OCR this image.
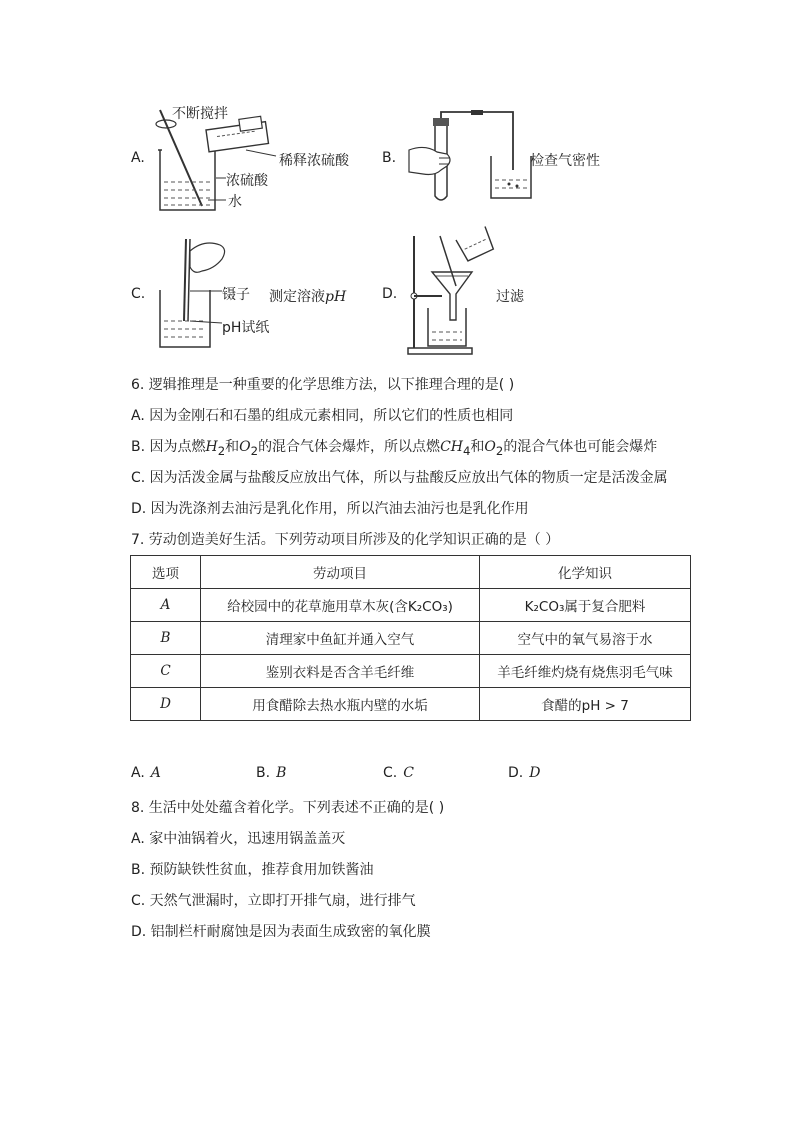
A.
不断搅拌
稀释浓硫酸
浓硫酸
水
B.	检查气密性
C.	镊子 测定溶液pH
pH试纸
D.	过滤
6. 逻辑推理是一种重要的化学思维方法，以下推理合理的是( )
A. 因为金刚石和石墨的组成元素相同，所以它们的性质也相同
B. 因为点燃$H_2$和$O_2$的混合气体会爆炸，所以点燃$CH_4$和$O_2$的混合气体也可能会爆炸
C. 因为活泼金属与盐酸反应放出气体，所以与盐酸反应放出气体的物质一定是活泼金属
D. 因为洗涤剂去油污是乳化作用，所以汽油去油污也是乳化作用
7. 劳动创造美好生活。下列劳动项目所涉及的化学知识正确的是（ ）
选项	劳动项目	化学知识
A	给校园中的花草施用草木灰(含K₂CO₃)	K₂CO₃属于复合肥料
B	清理家中鱼缸并通入空气	空气中的氧气易溶于水
C	鉴别衣料是否含羊毛纤维	羊毛纤维灼烧有烧焦羽毛气味
D	用食醋除去热水瓶内壁的水垢	食醋的pH > 7
A. A	B. B	C. C	D. D
8. 生活中处处蕴含着化学。下列表述不正确的是( )
A. 家中油锅着火，迅速用锅盖盖灭
B. 预防缺铁性贫血，推荐食用加铁酱油
C. 天然气泄漏时，立即打开排气扇，进行排气
D. 铝制栏杆耐腐蚀是因为表面生成致密的氧化膜
